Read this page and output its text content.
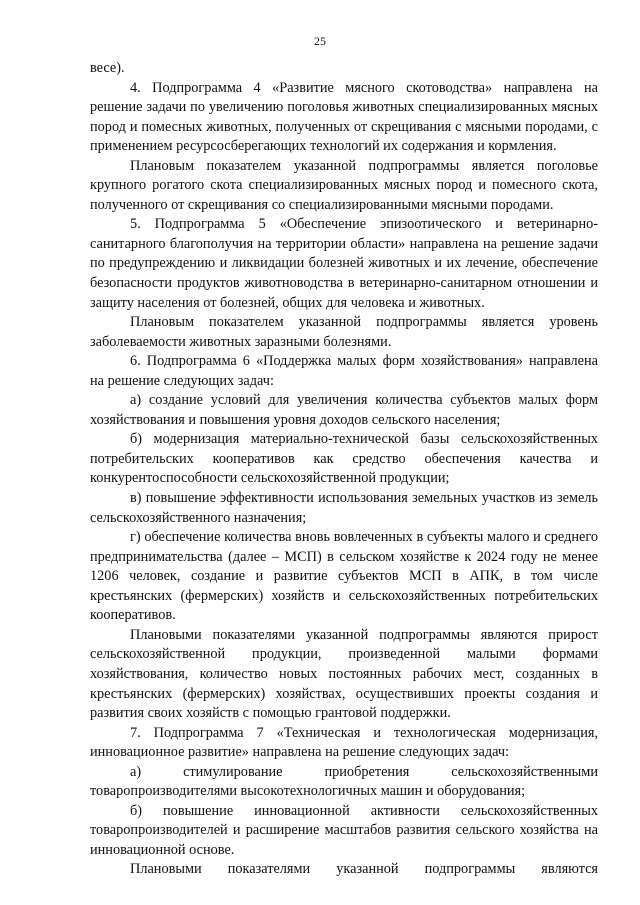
25

весе).

4. Подпрограмма 4 «Развитие мясного скотоводства» направлена на решение задачи по увеличению поголовья животных специализированных мясных пород и помесных животных, полученных от скрещивания с мясными породами, с применением ресурсосберегающих технологий их содержания и кормления.

Плановым показателем указанной подпрограммы является поголовье крупного рогатого скота специализированных мясных пород и помесного скота, полученного от скрещивания со специализированными мясными породами.

5. Подпрограмма 5 «Обеспечение эпизоотического и ветеринарно-санитарного благополучия на территории области» направлена на решение задачи по предупреждению и ликвидации болезней животных и их лечение, обеспечение безопасности продуктов животноводства в ветеринарно-санитарном отношении и защиту населения от болезней, общих для человека и животных.

Плановым показателем указанной подпрограммы является уровень заболеваемости животных заразными болезнями.

6. Подпрограмма 6 «Поддержка малых форм хозяйствования» направлена на решение следующих задач:

а) создание условий для увеличения количества субъектов малых форм хозяйствования и повышения уровня доходов сельского населения;

б) модернизация материально-технической базы сельскохозяйственных потребительских кооперативов как средство обеспечения качества и конкурентоспособности сельскохозяйственной продукции;

в) повышение эффективности использования земельных участков из земель сельскохозяйственного назначения;

г) обеспечение количества вновь вовлеченных в субъекты малого и среднего предпринимательства (далее – МСП) в сельском хозяйстве к 2024 году не менее 1206 человек, создание и развитие субъектов МСП в АПК, в том числе крестьянских (фермерских) хозяйств и сельскохозяйственных потребительских кооперативов.

Плановыми показателями указанной подпрограммы являются прирост сельскохозяйственной продукции, произведенной малыми формами хозяйствования, количество новых постоянных рабочих мест, созданных в крестьянских (фермерских) хозяйствах, осуществивших проекты создания и развития своих хозяйств с помощью грантовой поддержки.

7. Подпрограмма 7 «Техническая и технологическая модернизация, инновационное развитие» направлена на решение следующих задач:

а) стимулирование приобретения сельскохозяйственными товаропроизводителями высокотехнологичных машин и оборудования;

б) повышение инновационной активности сельскохозяйственных товаропроизводителей и расширение масштабов развития сельского хозяйства на инновационной основе.

Плановыми показателями указанной подпрограммы являются
